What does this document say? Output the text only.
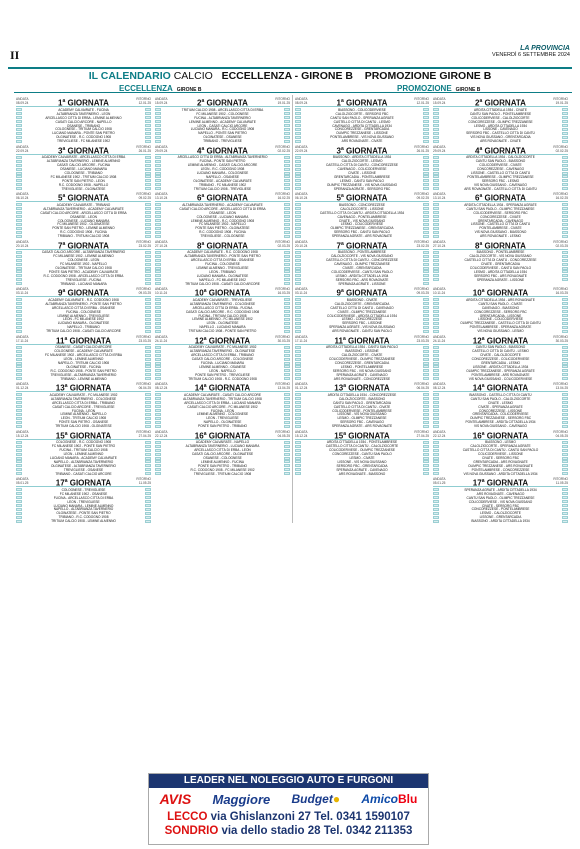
II	LA PROVINCIA
VENERDÌ 6 SETTEMBRE 2024
IL CALENDARIO CALCIO ECCELLENZA - GIRONE B PROMOZIONE GIRONE B
ECCELLENZA GIRONE B	PROMOZIONE GIRONE B
ANDATA
08.09.24	1$^a$ GIORNATA	RITORNO
12.01.25
ACADEMY CALVAIRATE - FUCINA
ALTABRIANZA TAVERNERIO - LEON
ARCELLASCO CITTÀ DI ERBA - LEMINE ALMENNO
CASATI CALCIO ARCORE - NAPELLO
OSANESE - TRIBIANO
COLOGNESE - TRITIUM CALCIO 1908
LUCIANO MANARA - PONTE SAN PIETRO
OLGINATESE - R.C. CODOGNO 1908
TREVIGLIESE - FC MILANESE 1902
ANDATA
15.09.24	2$^a$ GIORNATA	RITORNO
19.01.25
TRITIUM CALCIO 1908 - ARCELLASCO CITTÀ DI ERBA
FC MILANESE 1902 - COLOGNESE
FUCINA - ALTABRIANZA TAVERNERIO
LEMINE ALMENNO - ACADEMY CALVAIRATE
LEON - CASATI CALCIO ARCORE
LUCIANO MANARA - R.C. CODOGNO 1908
NAPELLO - PONTE SAN PIETRO
OLGINATESE - OSANESE
TRIBIANO - TREVIGLIESE
ANDATA
08.09.24	1$^a$ GIORNATA	RITORNO
12.01.25
BIASSONO - COLICODERVIESE
CALOLZIOCORTE - SERSORG FBC
CANTÙ SAN PAOLO - SPERANZA AGRATE
CASTELLO CITTÀ DI CANTÙ - LESMO
CAVENAGO - ARDITA CITTADELLA 1934
CONCOREZZESE - GRENTARCADIA
OLIMPIC TREZZANESE - LISSONE
PONTELAMBRESE - VIS NOVA GIUSSANO
ARS ROVAGNATE - CIVATE
ANDATA
15.09.24	2$^a$ GIORNATA	RITORNO
19.01.25
ARDITA CITTADELLA 1934 - CIVATE
CANTÙ SAN PAOLO - PONTELAMBRESE
COLICODERVIESE - CALOLZIOCORTE
CONCOREZZESE - OLIMPIC TREZZANESE
LESMO - ARDITA CITTADELLA 1934
LISSONE - CAVENAGO
SERSORG FBC - CASTELLO CITTÀ DI CANTÙ
VIS NOVA GIUSSANO - GRENTARCADIA
ARS ROVAGNATE - CIVATE
ANDATA
22.09.24	3$^a$ GIORNATA	RITORNO
26.01.25
ACADEMY CALVAIRATE - ARCELLASCO CITTÀ DI ERBA
ALTABRIANZA TAVERNERIO - LEMINE ALMENNO
CASATI CALCIO ARCORE - FUCINA
OSANESE - LUCIANO MANARA
COLOGNESE - TRIBIANO
FC MILANESE 1902 - TRITIUM CALCIO 1908
PONTE SAN PIETRO - LEON
R.C. CODOGNO 1908 - NAPELLO
TREVIGLIESE - OLGINATESE
ANDATA
29.09.24	4$^a$ GIORNATA	RITORNO
02.02.25
ARCELLASCO CITTÀ DI ERBA - ALTABRIANZA TAVERNERIO
FUCINA - PONTE SAN PIETRO
LEMINE ALMENNO - CASATI CALCIO ARCORE
LEON - R.C. CODOGNO 1908
LUCIANO MANARA - COLOGNESE
NAPELLO - OSANESE
OLGINATESE - ACADEMY CALVAIRATE
TRIBIANO - FC MILANESE 1902
TRITIUM CALCIO 1908 - TREVIGLIESE
ANDATA
22.09.24	3$^a$ GIORNATA	RITORNO
26.01.25
BIASSONO - ARDITA CITTADELLA 1934
CALOLZIOCORTE - LESMO
CASTELLO CITTÀ DI CANTÙ - CONCOREZZESE
CAVENAGO - COLICODERVIESE
CIVATE - LISSONE
GRENTARCADIA - PONTELAMBRESE
LESMO - CANTÙ SAN PAOLO
OLIMPIC TREZZANESE - VIS NOVA GIUSSANO
SPERANZA AGRATE - SERSORG FBC
ANDATA
29.09.24	4$^a$ GIORNATA	RITORNO
02.02.25
ARDITA CITTADELLA 1934 - CALOLZIOCORTE
CANTÙ SAN PAOLO - BIASSONO
COLICODERVIESE - CIVATE
CONCOREZZESE - CAVENAGO
LISSONE - CASTELLO CITTÀ DI CANTÙ
PONTELAMBRESE - OLIMPIC TREZZANESE
SERSORG FBC - LESMO
VIS NOVA GIUSSANO - CAVENAGO
ARS ROVAGNATE - CASTELLO CITTÀ DI CANTÙ
ANDATA
06.10.24	5$^a$ GIORNATA	RITORNO
09.02.25
ACADEMY CALVAIRATE - TRIBIANO
ALTABRIANZA TAVERNERIO - ACADEMY CALVAIRATE
CASATI CALCIO ARCORE - ARCELLASCO CITTÀ DI ERBA
OSANESE - LEON
COLOGNESE - LUCIANO MANARA
FC MILANESE 1902 - OLGINATESE
PONTE SAN PIETRO - LEMINE ALMENNO
R.C. CODOGNO 1908 - FUCINA
TRIBIANO - TRITIUM CALCIO 1908
ANDATA
13.10.24	6$^a$ GIORNATA	RITORNO
16.02.25
ALTABRIANZA TAVERNERIO - ACADEMY CALVAIRATE
CASATI CALCIO ARCORE - ARCELLASCO CITTÀ DI ERBA
OSANESE - LEON
COLOGNESE - LUCIANO MANARA
LEMINE ALMENNO - R.C. CODOGNO 1908
FC MILANESE 1902 - NAPELLO
PONTE SAN PIETRO - OLGINATESE
R.C. CODOGNO 1908 - FUCINA
TREVIGLIESE - COLOGNESE
ANDATA
06.10.24	5$^a$ GIORNATA	RITORNO
09.02.25
BIASSONO - CONCOREZZESE
CALOLZIOCORTE - LISSONE
CASTELLO CITTÀ DI CANTÙ - ARDITA CITTADELLA 1934
CAVENAGO - PONTELAMBRESE
CIVATE - VIS NOVA GIUSSANO
LESMO - COLICODERVIESE
OLIMPIC TREZZANESE - GRENTARCADIA
SERSORG FBC - CANTÙ SAN PAOLO
SPERANZA AGRATE - ARS ROVAGNATE
ANDATA
13.10.24	6$^a$ GIORNATA	RITORNO
16.02.25
ARDITA CITTADELLA 1934 - SPERANZA AGRATE
CANTÙ SAN PAOLO - OLIMPIC TREZZANESE
COLICODERVIESE - SERSORG FBC
CONCOREZZESE - CIVATE
GRENTARCADIA - CAVENAGO
LISSONE - CASTELLO CITTÀ DI CANTÙ
PONTELAMBRESE - CIVATE
VIS NOVA GIUSSANO - BIASSONO
ARS ROVAGNATE - LESMO
ANDATA
20.10.24	7$^a$ GIORNATA	RITORNO
23.02.25
CASATI CALCIO ARCORE - ALTABRIANZA TAVERNERIO
FC MILANESE 1902 - LEMINE ALMENNO
COLOGNESE - LEON
FC MILANESE 1902 - NAPELLO
OLGINATESE - TRITIUM CALCIO 1908
PONTE SAN PIETRO - ACADEMY CALVAIRATE
R.C. CODOGNO 1908 - ARCELLASCO CITTÀ DI ERBA
TREVIGLIESE - FUCINA
TRIBIANO - LUCIANO MANARA
ANDATA
27.10.24	8$^a$ GIORNATA	RITORNO
02.03.25
ACADEMY CALVAIRATE - R.C. CODOGNO 1908
ALTABRIANZA TAVERNERIO - PONTE SAN PIETRO
ARCELLASCO CITTÀ DI ERBA - OSANESE
FUCINA - COLOGNESE
LEMINE ALMENNO - TREVIGLIESE
LEON - TRIBIANO
LUCIANO MANARA - OLGINATESE
NAPELLO - FC MILANESE 1902
TRITIUM CALCIO 1908 - CASATI CALCIO ARCORE
ANDATA
20.10.24	7$^a$ GIORNATA	RITORNO
23.02.25
BIASSONO - PONTELAMBRESE
CALOLZIOCORTE - VIS NOVA GIUSSANO
CASTELLO CITTÀ DI CANTÙ - CONCOREZZESE
CAVENAGO - OLIMPIC TREZZANESE
CIVATE - GRENTARCADIA
COLICODERVIESE - CANTÙ SAN PAOLO
LESMO - ARDITA CITTADELLA 1934
SERSORG FBC - ARS ROVAGNATE
SPERANZA AGRATE - LISSONE
ANDATA
27.10.24	8$^a$ GIORNATA	RITORNO
02.03.25
BIASSONO - PONTELAMBRESE
CALOLZIOCORTE - VIS NOVA GIUSSANO
CASTELLO CITTÀ DI CANTÙ - CONCOREZZESE
CIVATE - GRENTARCADIA
COLICODERVIESE - CANTÙ SAN PAOLO
LESMO - ARDITA CITTADELLA 1934
SERSORG FBC - ARS ROVAGNATE
SPERANZA AGRATE - LISSONE
ANDATA
03.11.24	9$^a$ GIORNATA	RITORNO
09.03.25
ACADEMY CALVAIRATE - R.C. CODOGNO 1908
ALTABRIANZA TAVERNERIO - PONTE SAN PIETRO
ARCELLASCO CITTÀ DI ERBA - OSANESE
FUCINA - COLOGNESE
LEMINE ALMENNO - TREVIGLIESE
LEON - FC MILANESE 1902
LUCIANO MANARA - OLGINATESE
NAPELLO - TRIBIANO
TRITIUM CALCIO 1908 - CASATI CALCIO ARCORE
ANDATA
10.11.24	10$^a$ GIORNATA	RITORNO
16.03.25
ACADEMY CALVAIRATE - TREVIGLIESE
ALTABRIANZA TAVERNERIO - COLOGNESE
ARCELLASCO CITTÀ DI ERBA - FUCINA
CASATI CALCIO ARCORE - R.C. CODOGNO 1908
FUCINA - TRITIUM CALCIO 1908
LEMINE ALMENNO - FC MILANESE 1902
LEON - OLGINATESE
NAPELLO - LUCIANO MANARA
TRITIUM CALCIO 1908 - PONTE SAN PIETRO
ANDATA
03.11.24	9$^a$ GIORNATA	RITORNO
09.03.25
BIASSONO - CIVATE
CALOLZIOCORTE - GRENTARCADIA
CASTELLO CITTÀ DI CANTÙ - CAVENAGO
CIVATE - OLIMPIC TREZZANESE
COLICODERVIESE - ARDITA CITTADELLA 1934
LESMO - CONCOREZZESE
SERSORG FBC - LISSONE
SPERANZA AGRATE - VIS NOVA GIUSSANO
ARS ROVAGNATE - CANTÙ SAN PAOLO
ANDATA
10.11.24	10$^a$ GIORNATA	RITORNO
16.03.25
ARDITA CITTADELLA 1934 - ARS ROVAGNATE
CANTÙ SAN PAOLO - CIVATE
CAVENAGO - BIASSONO
CONCOREZZESE - SERSORG FBC
GRENTARCADIA - LISSONE
LISSONE - COLICODERVIESE
OLIMPIC TREZZANESE - CASTELLO CITTÀ DI CANTÙ
PONTELAMBRESE - SPERANZA AGRATE
VIS NOVA GIUSSANO - LESMO
ANDATA
17.11.24	11$^a$ GIORNATA	RITORNO
23.03.25
OSANESE - CASATI CALCIO ARCORE
COLOGNESE - ACADEMY CALVAIRATE
FC MILANESE 1902 - ARCELLASCO CITTÀ DI ERBA
LEON - LEMINE ALMENNO
NAPELLO - TRITIUM CALCIO 1908
OLGINATESE - FUCINA
R.C. CODOGNO 1908 - PONTE SAN PIETRO
TREVIGLIESE - ALTABRIANZA TAVERNERIO
TRIBIANO - LEMINE ALMENNO
ANDATA
24.11.24	12$^a$ GIORNATA	RITORNO
30.03.25
ACADEMY CALVAIRATE - FC MILANESE 1902
ALTABRIANZA TAVERNERIO - OLGINATESE
ARCELLASCO CITTÀ DI ERBA - TRIBIANO
CASATI CALCIO ARCORE - COLOGNESE
FUCINA - LUCIANO MANARA
LEMINE ALMENNO - OSANESE
LEON - NAPELLO
PONTE SAN PIETRO - TREVIGLIESE
TRITIUM CALCIO 1908 - R.C. CODOGNO 1908
ANDATA
17.11.24	11$^a$ GIORNATA	RITORNO
23.03.25
ARDITA CITTADELLA 1934 - CANTÙ SAN PAOLO
BIASSONO - LISSONE
CALOLZIOCORTE - CIVATE
COLICODERVIESE - OLIMPIC TREZZANESE
CONCOREZZESE - GRENTARCADIA
LESMO - PONTELAMBRESE
SERSORG FBC - VIS NOVA GIUSSANO
SPERANZA AGRATE - CAVENAGO
ARS ROVAGNATE - CONCOREZZESE
ANDATA
24.11.24	12$^a$ GIORNATA	RITORNO
30.03.25
CANTÙ SAN PAOLO - BIASSONO
CASTELLO CITTÀ DI CANTÙ - LESMO
CIVATE - CALOLZIOCORTE
CONCOREZZESE - COLICODERVIESE
GRENTARCADIA - LESMO
LISSONE - ARDITA CITTADELLA 1934
OLIMPIC TREZZANESE - SPERANZA AGRATE
PONTELAMBRESE - ARS ROVAGNATE
VIS NOVA GIUSSANO - COLICODERVIESE
ANDATA
01.12.24	13$^a$ GIORNATA	RITORNO
06.04.25
ACADEMY CALVAIRATE - FC MILANESE 1902
ALTABRIANZA TAVERNERIO - COLOGNESE
ARCELLASCO CITTÀ DI ERBA - TRIBIANO
CASATI CALCIO ARCORE - TREVIGLIESE
FUCINA - LEON
LEMINE ALMENNO - NAPELLO
LEON - TRITIUM CALCIO 1908
PONTE SAN PIETRO - OSANESE
TRITIUM CALCIO 1908 - OLGINATESE
ANDATA
08.12.24	14$^a$ GIORNATA	RITORNO
13.04.25
ACADEMY CALVAIRATE - CASATI CALCIO ARCORE
ALTABRIANZA TAVERNERIO - TRITIUM CALCIO 1908
ARCELLASCO CITTÀ DI ERBA - LUCIANO MANARA
CASATI CALCIO ARCORE - FC MILANESE 1902
FUCINA - LEON
LEMINE ALMENNO - COLOGNESE
LEON - TREVIGLIESE
NAPELLO - OLGINATESE
PONTE SAN PIETRO - TRIBIANO
ANDATA
01.12.24	13$^a$ GIORNATA	RITORNO
06.04.25
ARDITA CITTADELLA 1934 - CONCOREZZESE
CALOLZIOCORTE - BIASSONO
CANTÙ SAN PAOLO - GRENTARCADIA
CASTELLO CITTÀ DI CANTÙ - CIVATE
COLICODERVIESE - PONTELAMBRESE
LISSONE - VIS NOVA GIUSSANO
LESMO - OLIMPIC TREZZANESE
SERSORG FBC - CAVENAGO
SPERANZA AGRATE - ARS ROVAGNATE
ANDATA
08.12.24	14$^a$ GIORNATA	RITORNO
13.04.25
BIASSONO - CASTELLO CITTÀ DI CANTÙ
CANTÙ SAN PAOLO - CALOLZIOCORTE
CIVATE - LESMO
CIVATE - SPERANZA AGRATE
CONCOREZZESE - LISSONE
GRENTARCADIA - COLICODERVIESE
OLIMPIC TREZZANESE - SERSORG FBC
PONTELAMBRESE - ARDITA CITTADELLA 1934
VIS NOVA GIUSSANO - CAVENAGO
ANDATA
15.12.24	15$^a$ GIORNATA	RITORNO
27.04.25
COLOGNESE - R.C. CODOGNO 1908
FC MILANESE 1902 - PONTE SAN PIETRO
FUCINA - TRITIUM CALCIO 1908
LEON - LEMINE ALMENNO
LUCIANO MANARA - ACADEMY CALVAIRATE
NAPELLO - ALTABRIANZA TAVERNERIO
OLGINATESE - ALTABRIANZA TAVERNERIO
TREVIGLIESE - OSANESE
TRIBIANO - CASATI CALCIO ARCORE
ANDATA
22.12.24	16$^a$ GIORNATA	RITORNO
04.05.25
ACADEMY CALVAIRATE - NAPELLO
ALTABRIANZA TAVERNERIO - LUCIANO MANARA
ARCELLASCO CITTÀ DI ERBA - LEON
CASATI CALCIO ARCORE - OLGINATESE
OSANESE - COLOGNESE
LEMINE ALMENNO - FUCINA
PONTE SAN PIETRO - TRIBIANO
R.C. CODOGNO 1908 - FC MILANESE 1902
TREVIGLIESE - TRITIUM CALCIO 1908
ANDATA
15.12.24	15$^a$ GIORNATA	RITORNO
27.04.25
ARDITA CITTADELLA 1934 - PONTELAMBRESE
CASTELLO CITTÀ DI CANTÙ - CALOLZIOCORTE
COLICODERVIESE - OLIMPIC TREZZANESE
CONCOREZZESE - CANTÙ SAN PAOLO
LESMO - CIVATE
LISSONE - VIS NOVA GIUSSANO
SERSORG FBC - GRENTARCADIA
SPERANZA AGRATE - CAVENAGO
ARS ROVAGNATE - BIASSONO
ANDATA
22.12.24	16$^a$ GIORNATA	RITORNO
04.05.25
BIASSONO - LESMO
CALOLZIOCORTE - SPERANZA AGRATE
CASTELLO CITTÀ DI CANTÙ - CANTÙ SAN PAOLO
COLICODERVIESE - LISSONE
CIVATE - SERSORG FBC
GRENTARCADIA - ARS ROVAGNATE
OLIMPIC TREZZANESE - ARS ROVAGNATE
PONTELAMBRESE - CONCOREZZESE
VIS NOVA GIUSSANO - ARDITA CITTADELLA 1934
ANDATA
05.01.25	17$^a$ GIORNATA	RITORNO
11.05.25
COLOGNESE - TREVIGLIESE
FC MILANESE 1902 - OSANESE
FUCINA - ARCELLASCO CITTÀ DI ERBA
LEON - TREVIGLIESE
LUCIANO MANARA - LEMINE ALMENNO
NAPELLO - ALTABRIANZA TAVERNERIO
OLGINATESE - PONTE SAN PIETRO
TRIBIANO - R.C. CODOGNO 1908
TRITIUM CALCIO 1908 - LEMINE ALMENNO
ANDATA
05.01.25	17$^a$ GIORNATA	RITORNO
11.05.25
SPERANZA AGRATE - ARDITA CITTADELLA 1934
ARS ROVAGNATE - CAVENAGO
CANTÙ SAN PAOLO - OLIMPIC TREZZANESE
COLICODERVIESE - VIS NOVA GIUSSANO
CIVATE - SERSORG FBC
CONCOREZZESE - PONTELAMBRESE
LESMO - CALOLZIOCORTE
LISSONE - GRENTARCADIA
BIASSONO - ARDITA CITTADELLA 1934
LEADER NEL NOLEGGIO AUTO E FURGONI
AVIS Maggiore Budget● AmicoBlu
LECCO via Ghislanzoni 27 Tel. 0341 1590107
SONDRIO via dello stadio 28 Tel. 0342 211353
